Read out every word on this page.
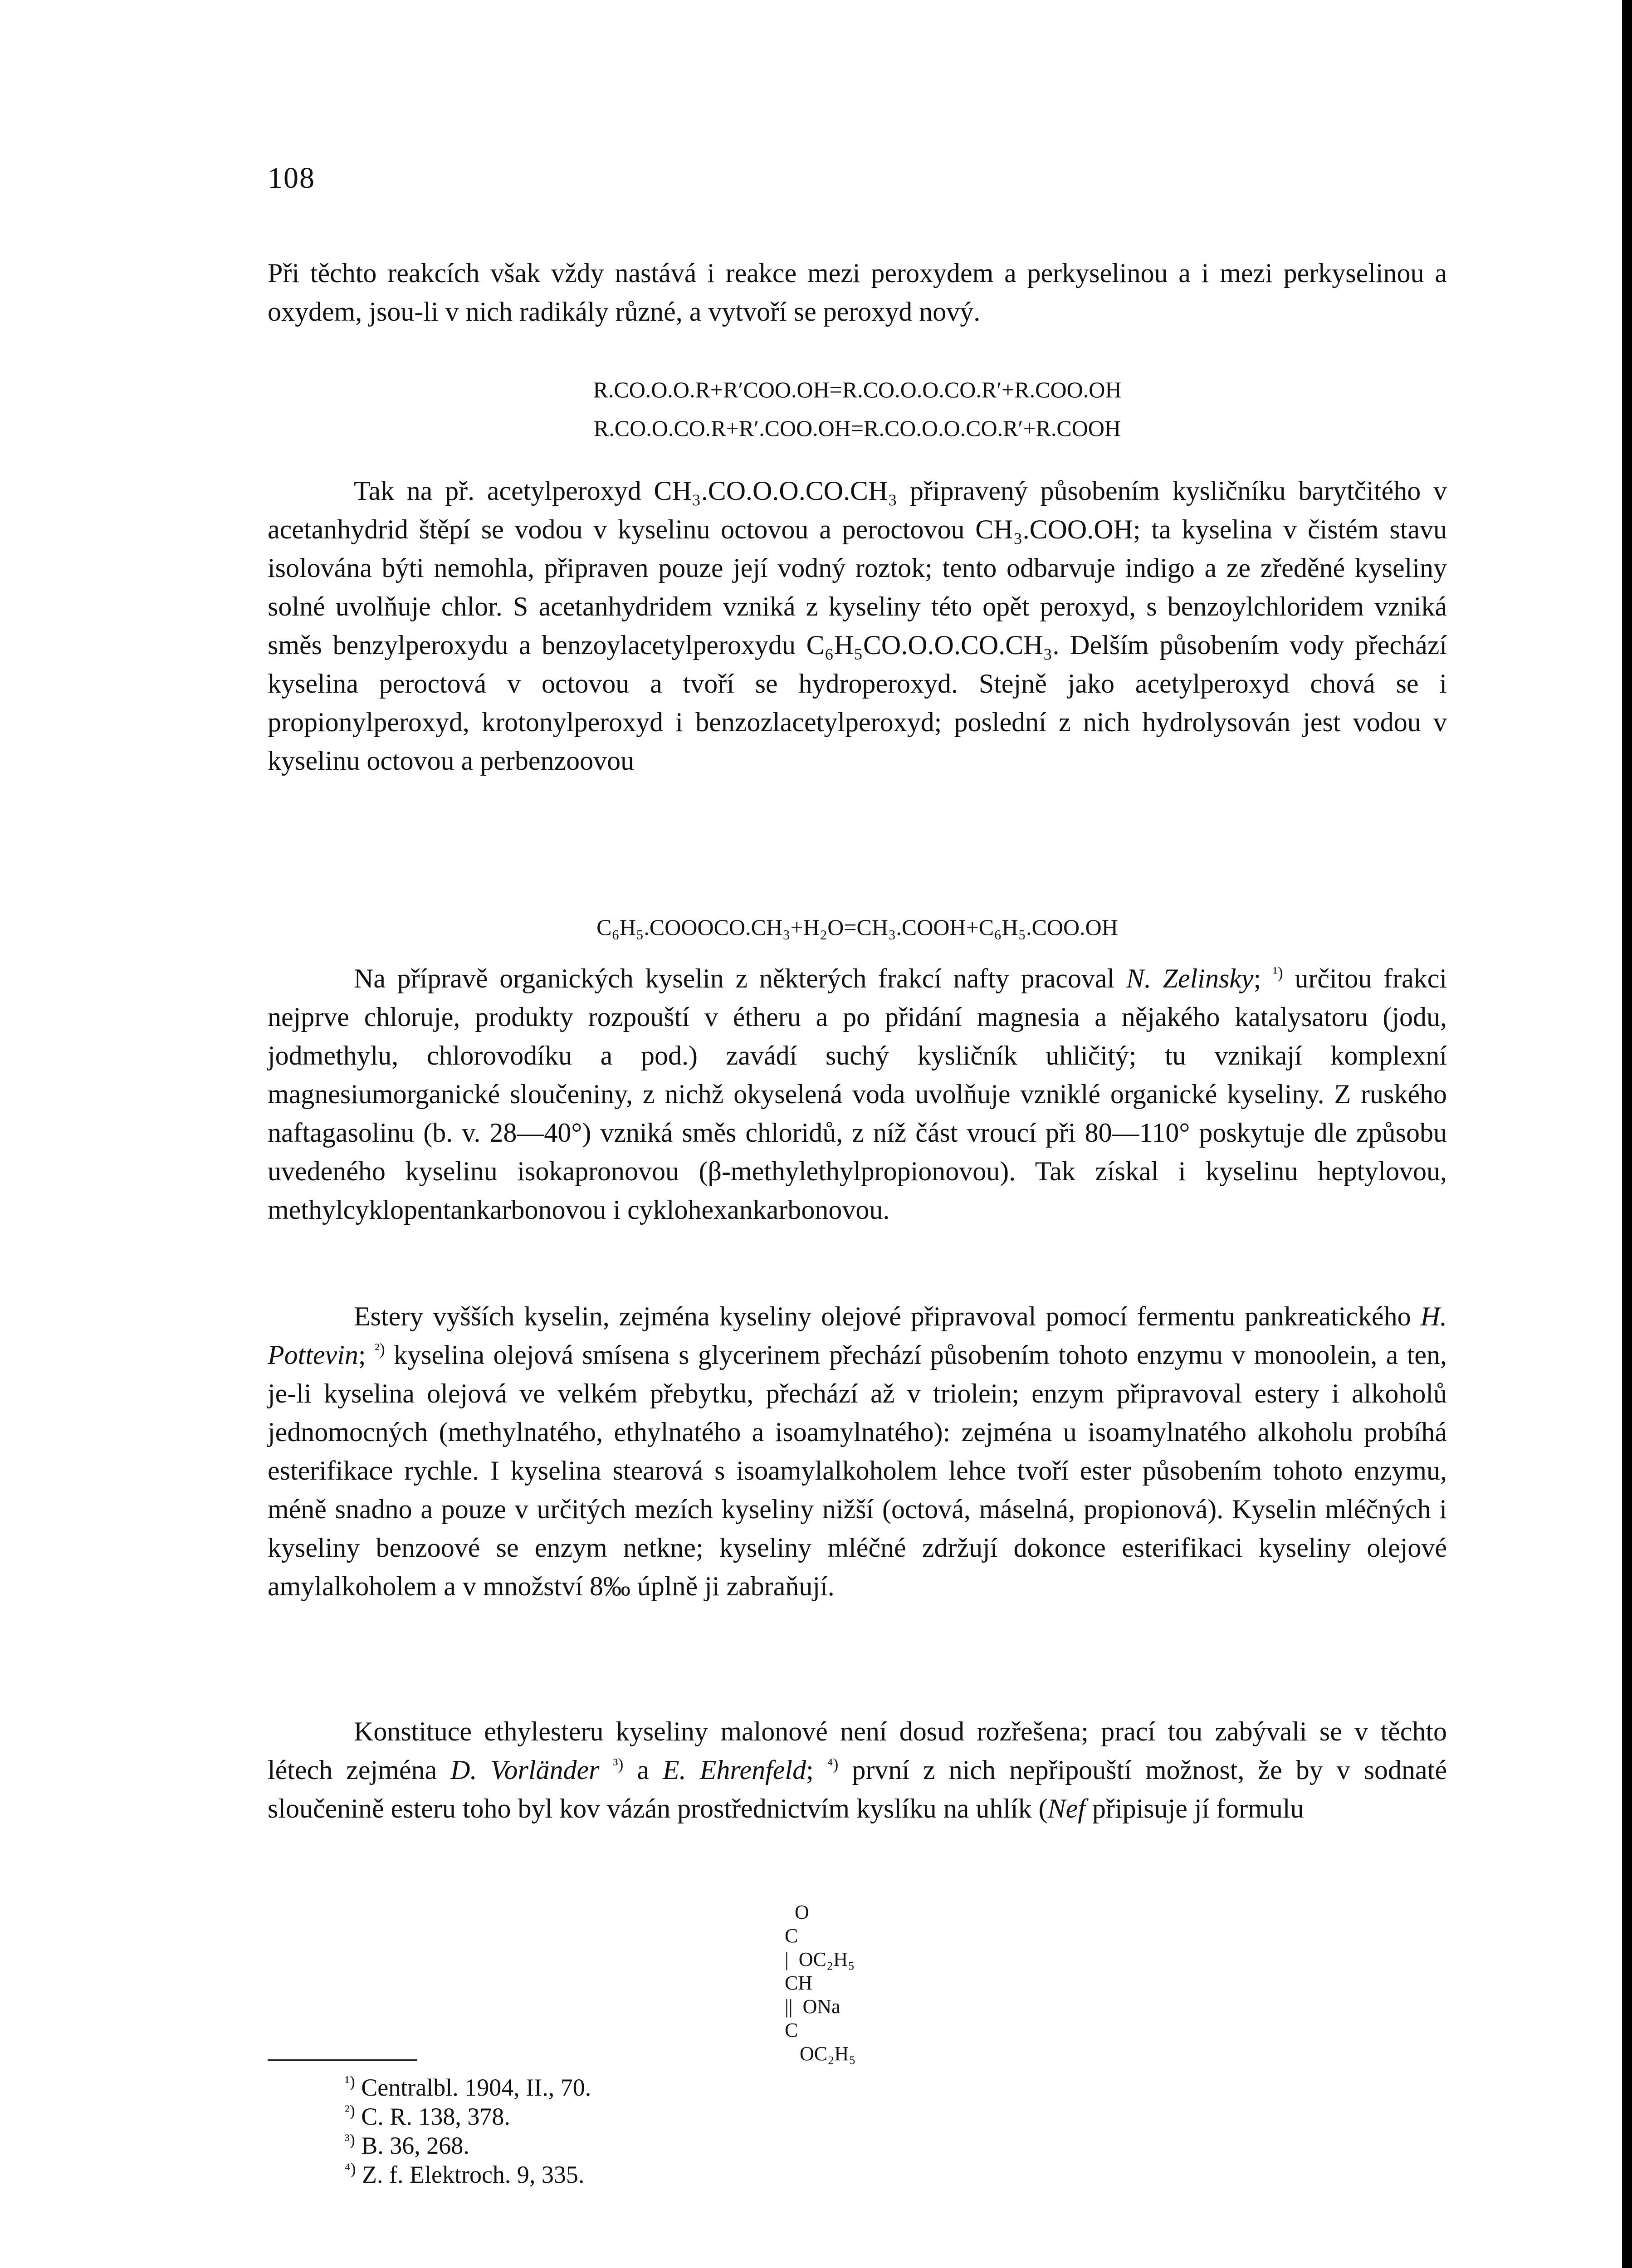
108

Při těchto reakcích však vždy nastává i reakce mezi peroxydem a perkyselinou a i mezi perkyselinou a oxydem, jsou-li v nich radikály různé, a vytvoří se peroxyd nový.

R.CO.O.O.R+R′COO.OH=R.CO.O.O.CO.R′+R.COO.OH
R.CO.O.CO.R+R′.COO.OH=R.CO.O.O.CO.R′+R.COOH

Tak na př. acetylperoxyd CH₃.CO.O.O.CO.CH₃ připravený působením kysličníku barytčitého v acetanhydrid štěpí se vodou v kyselinu octovou a peroctovou CH₃.COO.OH; ta kyselina v čistém stavu isolována býti nemohla, připraven pouze její vodný roztok; tento odbarvuje indigo a ze zředěné kyseliny solné uvolňuje chlor. S acetanhydridem vzniká z kyseliny této opět peroxyd, s benzoylchloridem vzniká směs benzylperoxydu a benzoylacetylperoxydu C₆H₅CO.O.O.CO.CH₃. Delším působením vody přechází kyselina peroctová v octovou a tvoří se hydroperoxyd. Stejně jako acetylperoxyd chová se i propionylperoxyd, krotonylperoxyd i benzozlacetylperoxyd; poslední z nich hydrolysován jest vodou v kyselinu octovou a perbenzoovou

C₆H₅.COOOCO.CH₃+H₂O=CH₃.COOH+C₆H₅.COO.OH

Na přípravě organických kyselin z některých frakcí nafty pracoval N. Zelinsky; $^{^1)}$ určitou frakci nejprve chloruje, produkty rozpouští v étheru a po přidání magnesia a nějakého katalysatoru (jodu, jodmethylu, chlorovodíku a pod.) zavádí suchý kysličník uhličitý; tu vznikají komplexní magnesiumorganické sloučeniny, z nichž okyselená voda uvolňuje vzniklé organické kyseliny. Z ruského naftagasolinu (b. v. 28—40°) vzniká směs chloridů, z níž část vroucí při 80—110° poskytuje dle způsobu uvedeného kyselinu isokapronovou (β-methylethylpropionovou). Tak získal i kyselinu heptylovou, methylcyklopentankarbonovou i cyklohexankarbonovou.

Estery vyšších kyselin, zejména kyseliny olejové připravoval pomocí fermentu pankreatického H. Pottevin; $^{^2)}$ kyselina olejová smísena s glycerinem přechází působením tohoto enzymu v monoolein, a ten, je-li kyselina olejová ve velkém přebytku, přechází až v triolein; enzym připravoval estery i alkoholů jednomocných (methylnatého, ethylnatého a isoamylnatého): zejména u isoamylnatého alkoholu probíhá esterifikace rychle. I kyselina stearová s isoamylalkoholem lehce tvoří ester působením tohoto enzymu, méně snadno a pouze v určitých mezích kyseliny nižší (octová, máselná, propionová). Kyselin mléčných i kyseliny benzoové se enzym netkne; kyseliny mléčné zdržují dokonce esterifikaci kyseliny olejové amylalkoholem a v množství 8‰ úplně ji zabraňují.

Konstituce ethylesteru kyseliny malonové není dosud rozřešena; prací tou zabývali se v těchto létech zejména D. Vorländer $^{^3)}$ a E. Ehrenfeld; $^{^4)}$ první z nich nepřipouští možnost, že by v sodnaté sloučenině esteru toho byl kov vázán prostřednictvím kyslíku na uhlík (Nef připisuje jí formulu

O
C
|  OC₂H₅
CH
||  ONa
C
OC₂H₅
$^{^1)}$ Centralbl. 1904, II., 70.
$^{^2)}$ C. R. 138, 378.
$^{^3)}$ B. 36, 268.
$^{^4)}$ Z. f. Elektroch. 9, 335.
